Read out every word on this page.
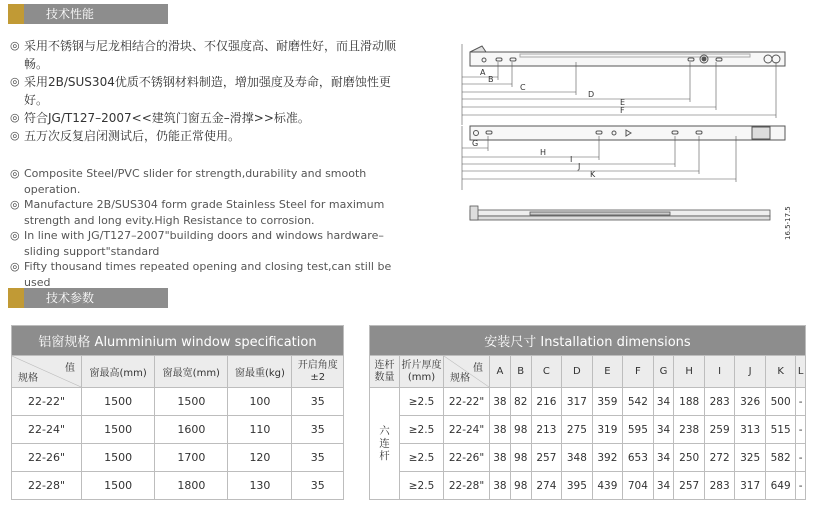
技术性能
◎ 采用不锈钢与尼龙相结合的滑块、不仅强度高、耐磨性好，而且滑动顺畅。
◎ 采用2B/SUS304优质不锈钢材料制造，增加强度及寿命，耐磨蚀性更好。
◎ 符合JG/T127–2007<<建筑门窗五金–滑撑>>标准。
◎ 五万次反复启闭测试后，仍能正常使用。
◎ Composite Steel/PVC slider for strength,durability and smooth operation.
◎ Manufacture 2B/SUS304 form grade Stainless Steel for maximum strength and long evity.High Resistance to corrosion.
◎ In line with JG/T127–2007"building doors and windows hardware–sliding support"standard
◎ Fifty thousand times repeated opening and closing test,can still be used
A
B
C
D
E
F
G
H
I
J
K
16.5-17.5
技术参数
铝窗规格 Alumminium window specification				

值
规格	窗最高(mm)	窗最宽(mm)	窗最重(kg)	开启角度
±2
22-22"	1500	1500	100	35
22-24"	1500	1600	110	35
22-26"	1500	1700	120	35
22-28"	1500	1800	130	35
安装尺寸 Installation dimensions														
连杆
数量	折片厚度
(mm)	值
规格	A	B	C	D	E	F	G	H	I	J	K	L
六连杆	≥2.5	22-22"	38	82	216	317	359	542	34	188	283	326	500	-
	≥2.5	22-24"	38	98	213	275	319	595	34	238	259	313	515	-
	≥2.5	22-26"	38	98	257	348	392	653	34	250	272	325	582	-
	≥2.5	22-28"	38	98	274	395	439	704	34	257	283	317	649	-
